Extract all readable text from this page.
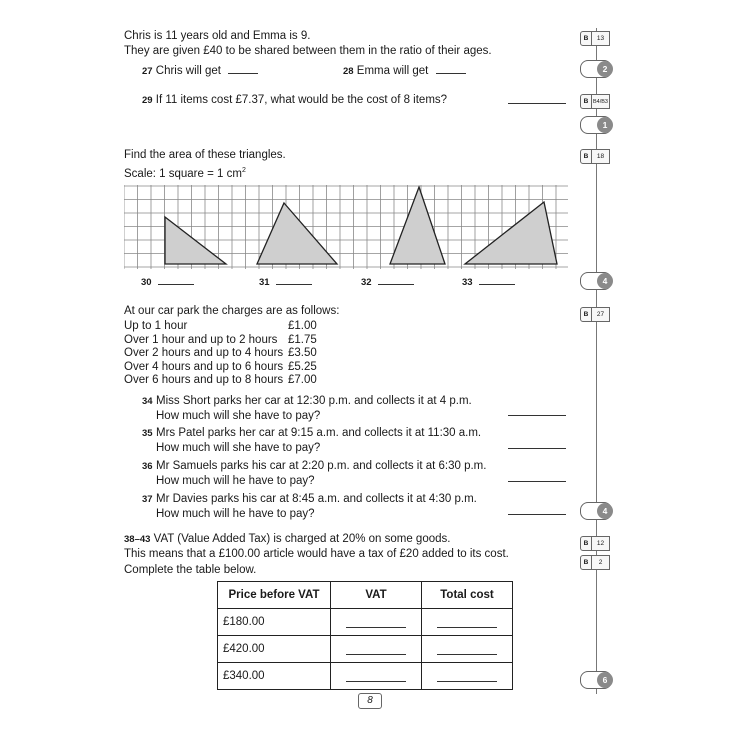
Chris is 11 years old and Emma is 9.
They are given £40 to be shared between them in the ratio of their ages.
27 Chris will get	28 Emma will get
29 If 11 items cost £7.37, what would be the cost of 8 items?
Find the area of these triangles.
Scale: 1 square = 1 $cm^2$
30	31	32	33
At our car park the charges are as follows:
Up to 1 hour	£1.00
Over 1 hour and up to 2 hours £1.75
Over 2 hours and up to 4 hours £3.50
Over 4 hours and up to 6 hours £5.25
Over 6 hours and up to 8 hours £7.00
34 Miss Short parks her car at 12:30 p.m. and collects it at 4 p.m.
How much will she have to pay?
35 Mrs Patel parks her car at 9:15 a.m. and collects it at 11:30 a.m.
How much will she have to pay?
36 Mr Samuels parks his car at 2:20 p.m. and collects it at 6:30 p.m.
How much will he have to pay?
37 Mr Davies parks his car at 8:45 a.m. and collects it at 4:30 p.m.
How much will he have to pay?
38–43 VAT (Value Added Tax) is charged at 20% on some goods.
This means that a £100.00 article would have a tax of £20 added to its cost.
Complete the table below.
Price before VAT	VAT	Total cost
£180.00	

£420.00	

£340.00	

B	13
B B4/B3
B	18
B	27
B	12
B	2
2
1
4
4
6
8
